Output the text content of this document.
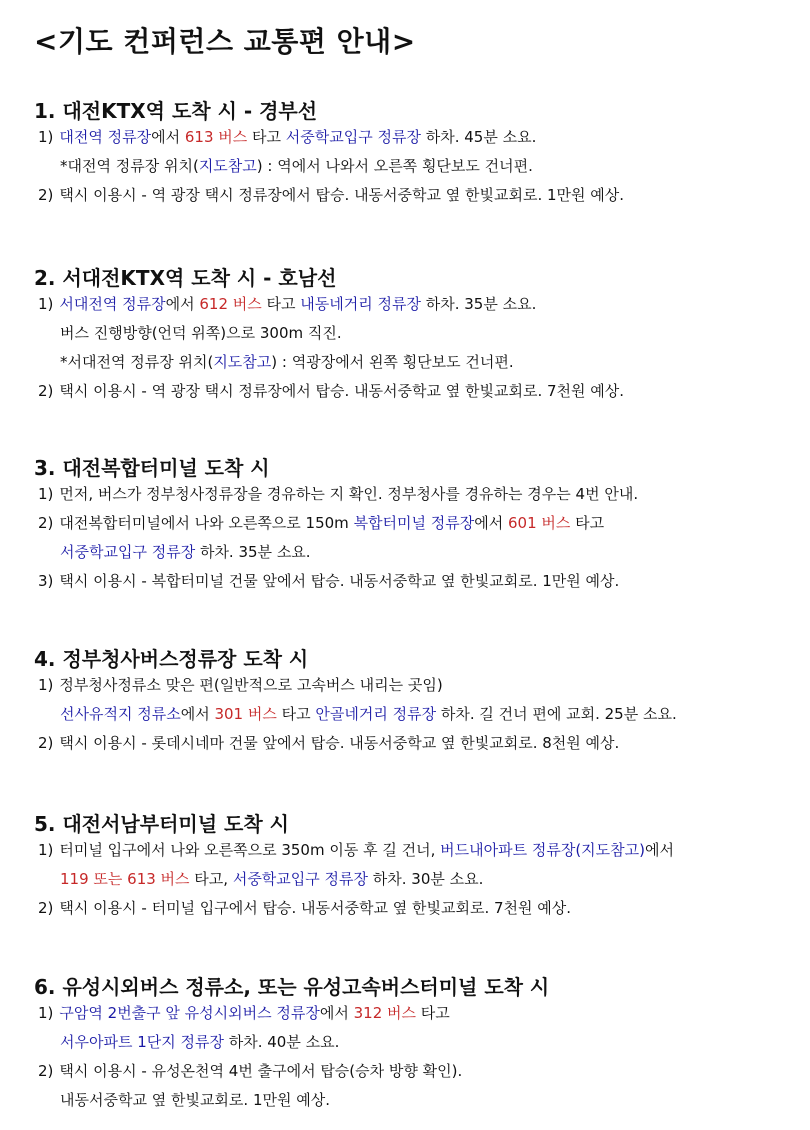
<기도 컨퍼런스 교통편 안내>
1. 대전KTX역 도착 시 - 경부선
1) 대전역 정류장에서 613 버스 타고 서중학교입구 정류장 하차. 45분 소요.
*대전역 정류장 위치(지도참고) : 역에서 나와서 오른쪽 횡단보도 건너편.
2) 택시 이용시 - 역 광장 택시 정류장에서 탑승. 내동서중학교 옆 한빛교회로. 1만원 예상.
2. 서대전KTX역 도착 시 - 호남선
1) 서대전역 정류장에서 612 버스 타고 내동네거리 정류장 하차. 35분 소요.
버스 진행방향(언덕 위쪽)으로 300m 직진.
*서대전역 정류장 위치(지도참고) : 역광장에서 왼쪽 횡단보도 건너편.
2) 택시 이용시 - 역 광장 택시 정류장에서 탑승. 내동서중학교 옆 한빛교회로. 7천원 예상.
3. 대전복합터미널 도착 시
1) 먼저, 버스가 정부청사정류장을 경유하는 지 확인. 정부청사를 경유하는 경우는 4번 안내.
2) 대전복합터미널에서 나와 오른쪽으로 150m 복합터미널 정류장에서 601 버스 타고
서중학교입구 정류장 하차. 35분 소요.
3) 택시 이용시 - 복합터미널 건물 앞에서 탑승. 내동서중학교 옆 한빛교회로. 1만원 예상.
4. 정부청사버스정류장 도착 시
1) 정부청사정류소 맞은 편(일반적으로 고속버스 내리는 곳임)
선사유적지 정류소에서 301 버스 타고 안골네거리 정류장 하차. 길 건너 편에 교회. 25분 소요.
2) 택시 이용시 - 롯데시네마 건물 앞에서 탑승. 내동서중학교 옆 한빛교회로. 8천원 예상.
5. 대전서남부터미널 도착 시
1) 터미널 입구에서 나와 오른쪽으로 350m 이동 후 길 건너, 버드내아파트 정류장(지도참고)에서
119 또는 613 버스 타고, 서중학교입구 정류장 하차. 30분 소요.
2) 택시 이용시 - 터미널 입구에서 탑승. 내동서중학교 옆 한빛교회로. 7천원 예상.
6. 유성시외버스 정류소, 또는 유성고속버스터미널 도착 시
1) 구암역 2번출구 앞 유성시외버스 정류장에서 312 버스 타고
서우아파트 1단지 정류장 하차. 40분 소요.
2) 택시 이용시 - 유성온천역 4번 출구에서 탑승(승차 방향 확인).
내동서중학교 옆 한빛교회로. 1만원 예상.
